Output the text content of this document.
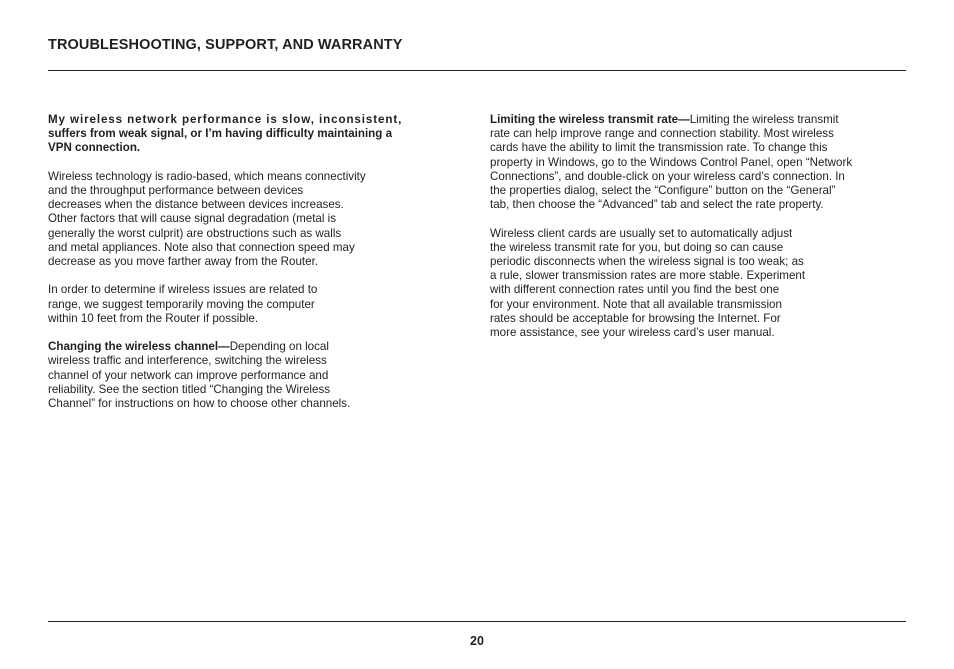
TROUBLESHOOTING, SUPPORT, AND WARRANTY
My wireless network performance is slow, inconsistent,
suffers from weak signal, or I’m having difficulty maintaining a
VPN connection.
Wireless technology is radio-based, which means connectivity
and the throughput performance between devices
decreases when the distance between devices increases.
Other factors that will cause signal degradation (metal is
generally the worst culprit) are obstructions such as walls
and metal appliances. Note also that connection speed may
decrease as you move farther away from the Router.
In order to determine if wireless issues are related to
range, we suggest temporarily moving the computer
within 10 feet from the Router if possible.
Changing the wireless channel—Depending on local
wireless traffic and interference, switching the wireless
channel of your network can improve performance and
reliability. See the section titled “Changing the Wireless
Channel” for instructions on how to choose other channels.
Limiting the wireless transmit rate—Limiting the wireless transmit
rate can help improve range and connection stability. Most wireless
cards have the ability to limit the transmission rate. To change this
property in Windows, go to the Windows Control Panel, open “Network
Connections”, and double-click on your wireless card’s connection. In
the properties dialog, select the “Configure” button on the “General”
tab, then choose the “Advanced” tab and select the rate property.
Wireless client cards are usually set to automatically adjust
the wireless transmit rate for you, but doing so can cause
periodic disconnects when the wireless signal is too weak; as
a rule, slower transmission rates are more stable. Experiment
with different connection rates until you find the best one
for your environment. Note that all available transmission
rates should be acceptable for browsing the Internet. For
more assistance, see your wireless card’s user manual.
20
